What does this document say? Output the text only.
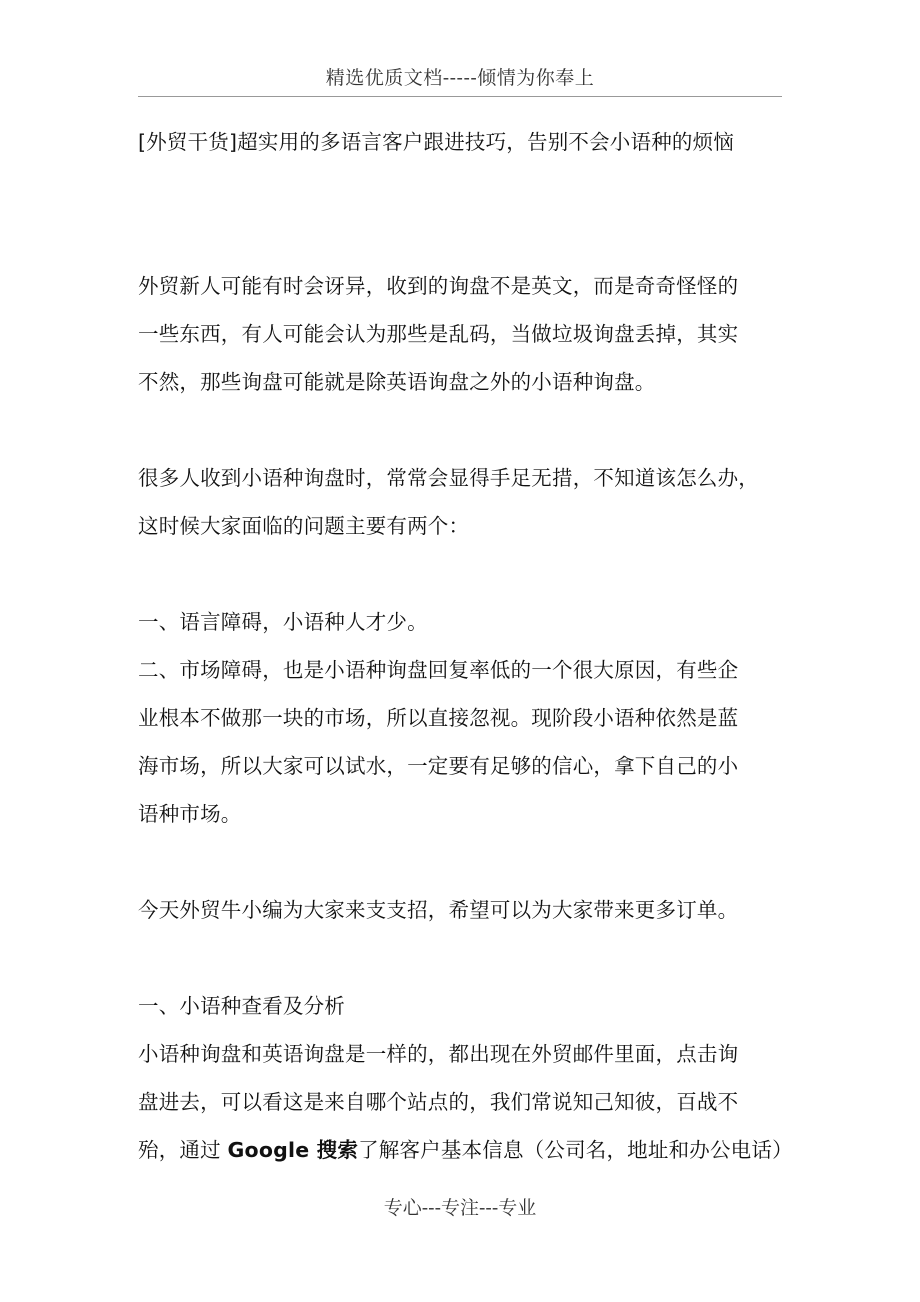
精选优质文档-----倾情为你奉上
[外贸干货]超实用的多语言客户跟进技巧，告别不会小语种的烦恼
外贸新人可能有时会讶异，收到的询盘不是英文，而是奇奇怪怪的
一些东西，有人可能会认为那些是乱码，当做垃圾询盘丢掉，其实
不然，那些询盘可能就是除英语询盘之外的小语种询盘。
很多人收到小语种询盘时，常常会显得手足无措，不知道该怎么办，
这时候大家面临的问题主要有两个：
一、语言障碍，小语种人才少。
二、市场障碍，也是小语种询盘回复率低的一个很大原因，有些企
业根本不做那一块的市场，所以直接忽视。现阶段小语种依然是蓝
海市场，所以大家可以试水，一定要有足够的信心，拿下自己的小
语种市场。
今天外贸牛小编为大家来支支招，希望可以为大家带来更多订单。
一、小语种查看及分析
小语种询盘和英语询盘是一样的，都出现在外贸邮件里面，点击询
盘进去，可以看这是来自哪个站点的，我们常说知己知彼，百战不
殆，通过 Google 搜索了解客户基本信息（公司名，地址和办公电话）
专心---专注---专业
